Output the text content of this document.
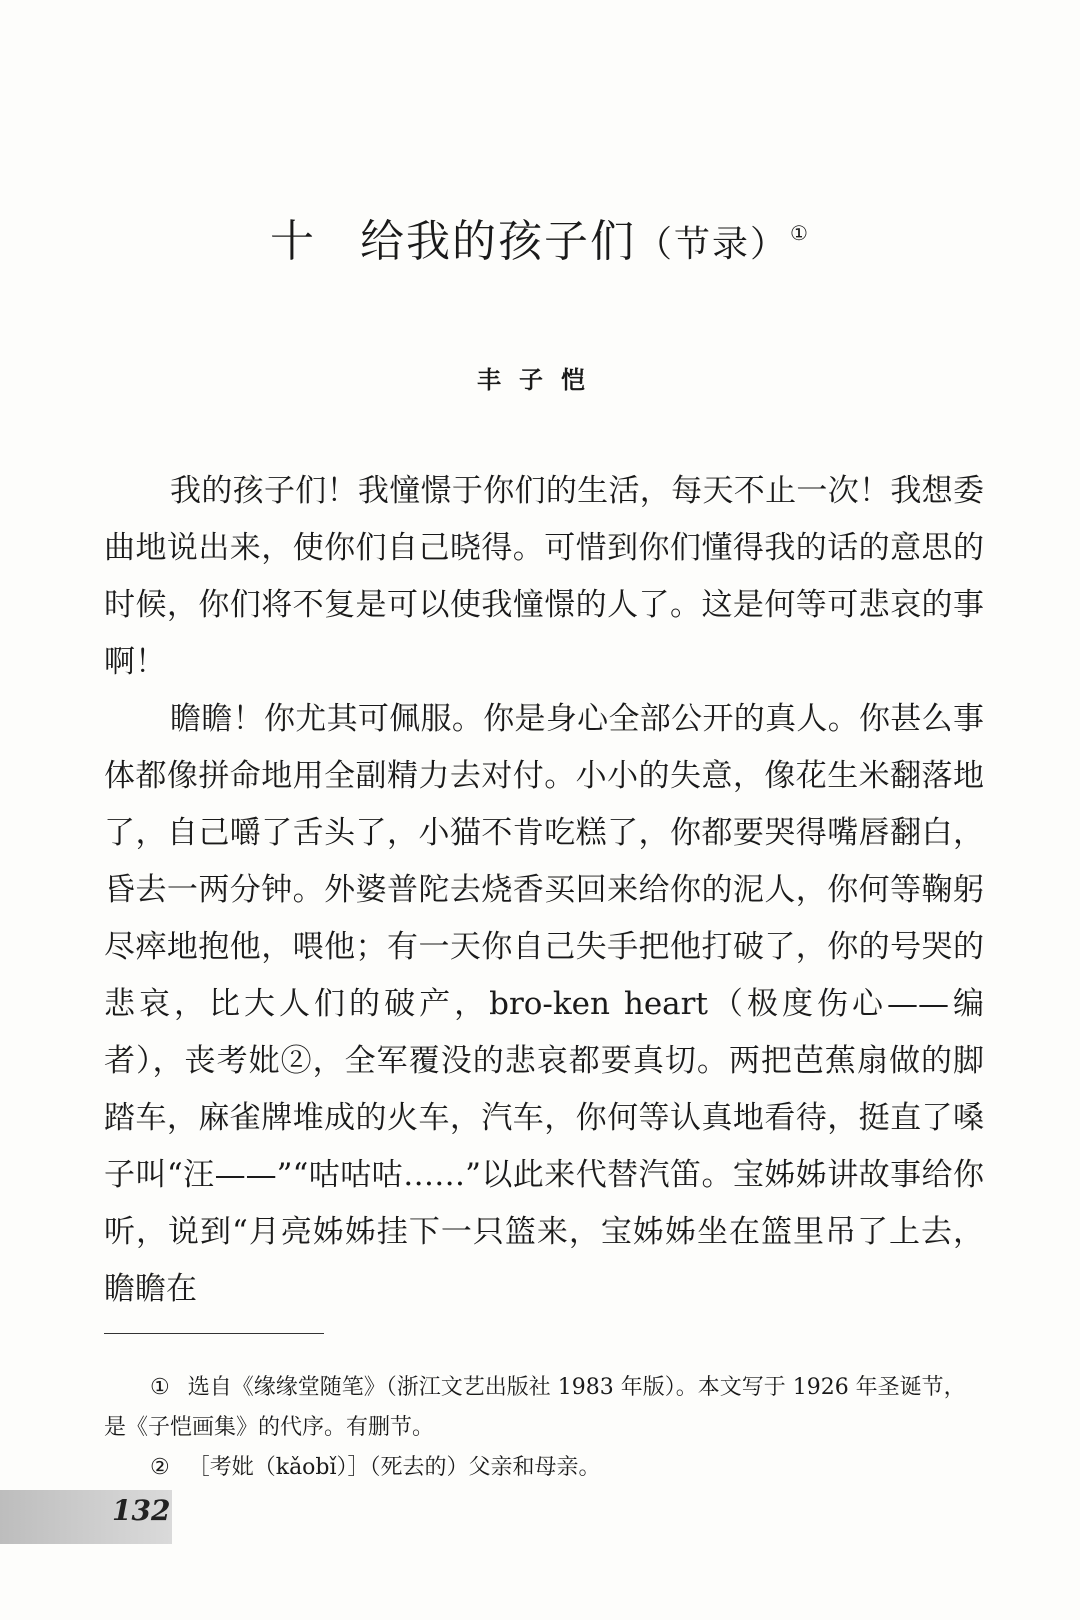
十 给我的孩子们（节录） ①
丰子恺

我的孩子们！我憧憬于你们的生活，每天不止一次！我想委曲地说出来，使你们自己晓得。可惜到你们懂得我的话的意思的时候，你们将不复是可以使我憧憬的人了。这是何等可悲哀的事啊！

瞻瞻！你尤其可佩服。你是身心全部公开的真人。你甚么事体都像拼命地用全副精力去对付。小小的失意，像花生米翻落地了，自己嚼了舌头了，小猫不肯吃糕了，你都要哭得嘴唇翻白，昏去一两分钟。外婆普陀去烧香买回来给你的泥人，你何等鞠躬尽瘁地抱他，喂他；有一天你自己失手把他打破了，你的号哭的悲哀，比大人们的破产，bro-ken heart（极度伤心——编者），丧考妣②，全军覆没的悲哀都要真切。两把芭蕉扇做的脚踏车，麻雀牌堆成的火车，汽车，你何等认真地看待，挺直了嗓子叫“汪——”“咕咕咕……”以此来代替汽笛。宝姊姊讲故事给你听，说到“月亮姊姊挂下一只篮来，宝姊姊坐在篮里吊了上去，瞻瞻在

① 选自《缘缘堂随笔》（浙江文艺出版社 1983 年版）。本文写于 1926 年圣诞节，是《子恺画集》的代序。有删节。

② ［考妣（kǎobǐ）］（死去的）父亲和母亲。

132
